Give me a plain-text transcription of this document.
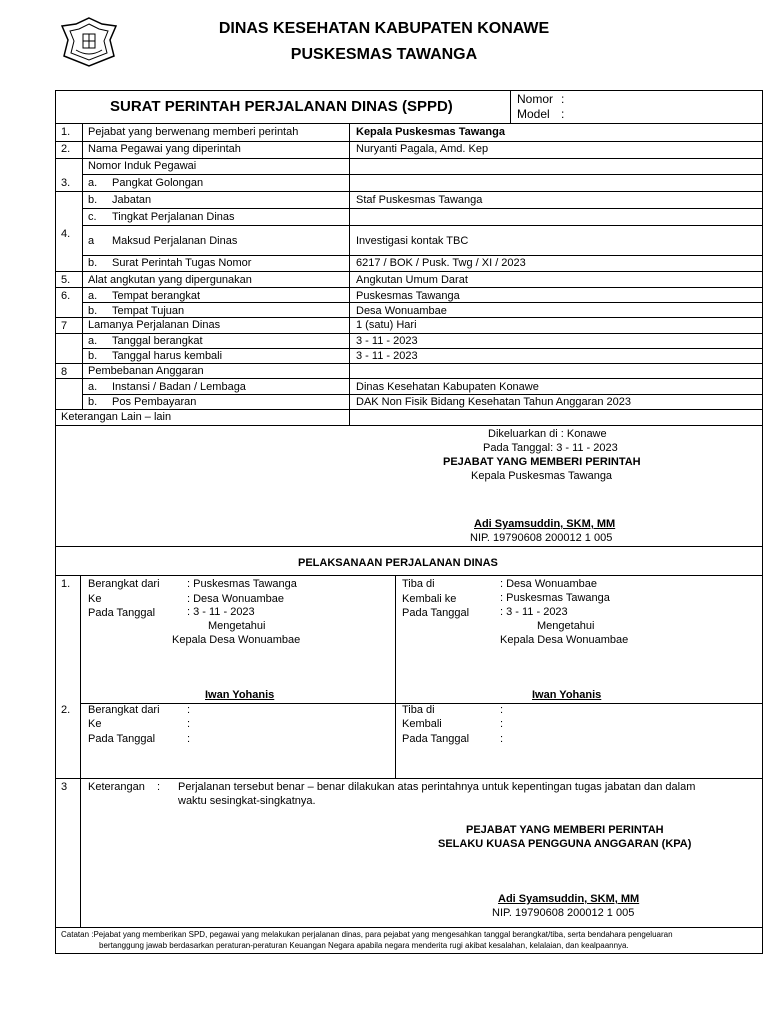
DINAS KESEHATAN KABUPATEN KONAWE
PUSKESMAS TAWANGA
SURAT PERINTAH PERJALANAN DINAS (SPPD)	Nomor :
Model :
1. Pejabat yang berwenang memberi perintah	Kepala Puskesmas Tawanga
2. Nama Pegawai yang diperintah	Nuryanti Pagala, Amd. Kep
Nomor Induk Pegawai
3. a. Pangkat Golongan
b. Jabatan	Staf Puskesmas Tawanga
c. Tingkat Perjalanan Dinas
4.
a Maksud Perjalanan Dinas	Investigasi kontak TBC
b. Surat Perintah Tugas Nomor	6217 / BOK / Pusk. Twg / XI / 2023
5. Alat angkutan yang dipergunakan	Angkutan Umum Darat
6. a. Tempat berangkat	Puskesmas Tawanga
b. Tempat Tujuan	Desa Wonuambae
7 Lamanya Perjalanan Dinas	1 (satu) Hari
a. Tanggal berangkat	3 - 11 - 2023
b. Tanggal harus kembali	3 - 11 - 2023
8 Pembebanan Anggaran
a. Instansi / Badan / Lembaga	Dinas Kesehatan Kabupaten Konawe
b. Pos Pembayaran	DAK Non Fisik Bidang Kesehatan Tahun Anggaran 2023
Keterangan Lain – lain
Dikeluarkan di : Konawe
Pada Tanggal: 3 - 11 - 2023
PEJABAT YANG MEMBERI PERINTAH
Kepala Puskesmas Tawanga
Adi Syamsuddin, SKM, MM
NIP. 19790608 200012 1 005
PELAKSANAAN PERJALANAN DINAS
1. Berangkat dari : Puskesmas Tawanga
Ke	: Desa Wonuambae
Pada Tanggal	: 3 - 11 - 2023
Mengetahui
Kepala Desa Wonuambae
Iwan Yohanis
Tiba di	: Desa Wonuambae
Kembali ke	: Puskesmas Tawanga
Pada Tanggal	: 3 - 11 - 2023
Mengetahui
Kepala Desa Wonuambae
Iwan Yohanis
2. Berangkat dari :
Ke	:
Pada Tanggal	:
Tiba di	:
Kembali	:
Pada Tanggal	:
3 Keterangan : Perjalanan tersebut benar – benar dilakukan atas perintahnya untuk kepentingan tugas jabatan dan dalam
waktu sesingkat-singkatnya.
PEJABAT YANG MEMBERI PERINTAH
SELAKU KUASA PENGGUNA ANGGARAN (KPA)
Adi Syamsuddin, SKM, MM
NIP. 19790608 200012 1 005
Catatan :Pejabat yang memberikan SPD, pegawai yang melakukan perjalanan dinas, para pejabat yang mengesahkan tanggal berangkat/tiba, serta bendahara pengeluaran
bertanggung jawab berdasarkan peraturan-peraturan Keuangan Negara apabila negara menderita rugi akibat kesalahan, kelalaian, dan kealpaannya.
